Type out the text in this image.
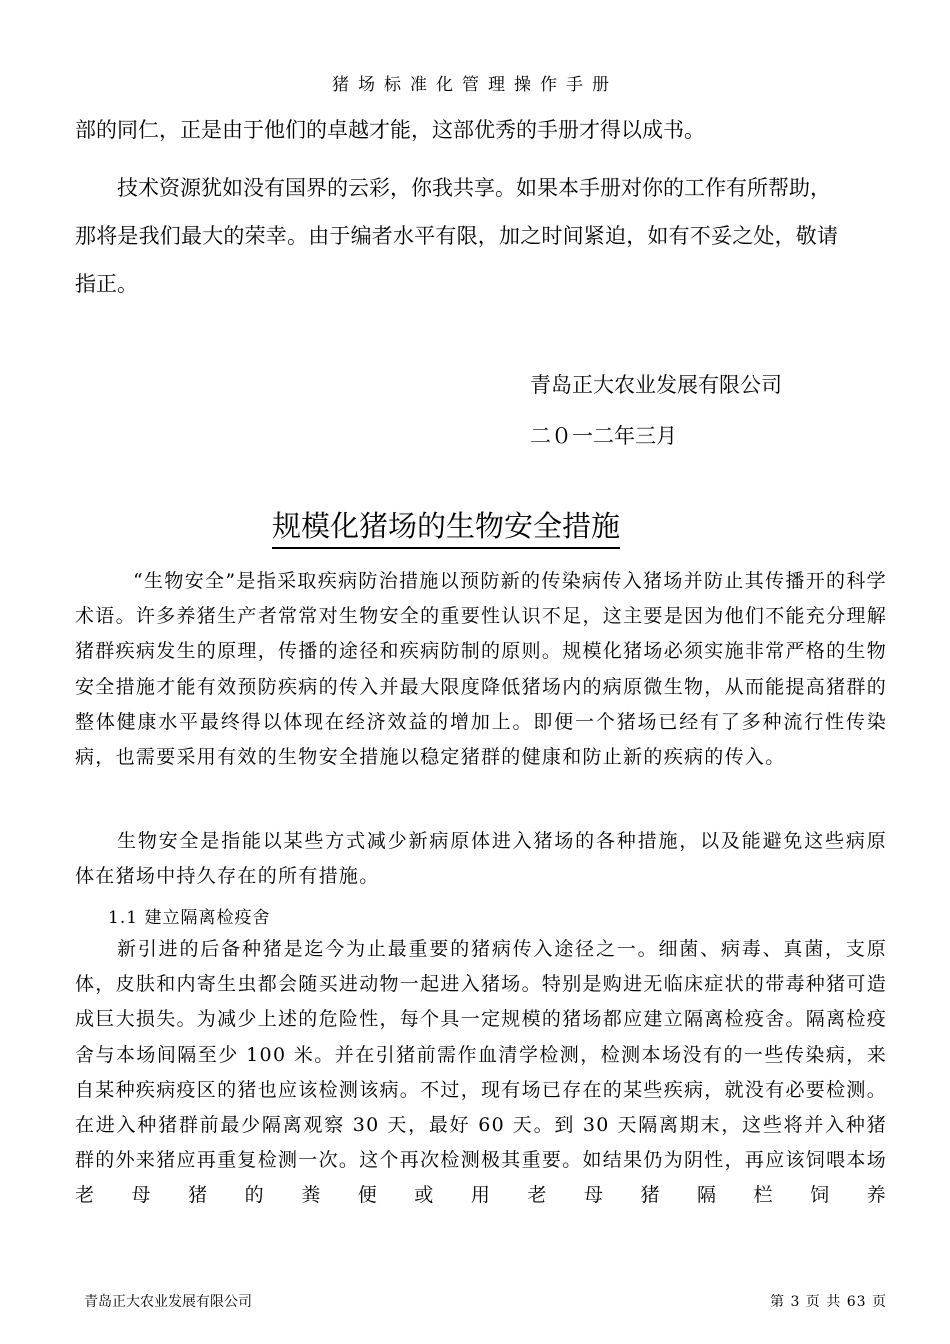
猪场标准化管理操作手册

部的同仁，正是由于他们的卓越才能，这部优秀的手册才得以成书。

技术资源犹如没有国界的云彩，你我共享。如果本手册对你的工作有所帮助，

那将是我们最大的荣幸。由于编者水平有限，加之时间紧迫，如有不妥之处，敬请

指正。

青岛正大农业发展有限公司
二０一二年三月
规模化猪场的生物安全措施

“生物安全”是指采取疾病防治措施以预防新的传染病传入猪场并防止其传播开的科学术语。许多养猪生产者常常对生物安全的重要性认识不足，这主要是因为他们不能充分理解猪群疾病发生的原理，传播的途径和疾病防制的原则。规模化猪场必须实施非常严格的生物安全措施才能有效预防疾病的传入并最大限度降低猪场内的病原微生物，从而能提高猪群的整体健康水平最终得以体现在经济效益的增加上。即便一个猪场已经有了多种流行性传染病，也需要采用有效的生物安全措施以稳定猪群的健康和防止新的疾病的传入。

生物安全是指能以某些方式减少新病原体进入猪场的各种措施，以及能避免这些病原体在猪场中持久存在的所有措施。

1.1 建立隔离检疫舍

新引进的后备种猪是迄今为止最重要的猪病传入途径之一。细菌、病毒、真菌，支原体，皮肤和内寄生虫都会随买进动物一起进入猪场。特别是购进无临床症状的带毒种猪可造成巨大损失。为减少上述的危险性，每个具一定规模的猪场都应建立隔离检疫舍。隔离检疫舍与本场间隔至少 100 米。并在引猪前需作血清学检测，检测本场没有的一些传染病，来自某种疾病疫区的猪也应该检测该病。不过，现有场已存在的某些疾病，就没有必要检测。在进入种猪群前最少隔离观察 30 天，最好 60 天。到 30 天隔离期末，这些将并入种猪群的外来猪应再重复检测一次。这个再次检测极其重要。如结果仍为阴性，再应该饲喂本场老母猪的粪便或用老母猪隔栏饲养

青岛正大农业发展有限公司	第 3 页 共 63 页
